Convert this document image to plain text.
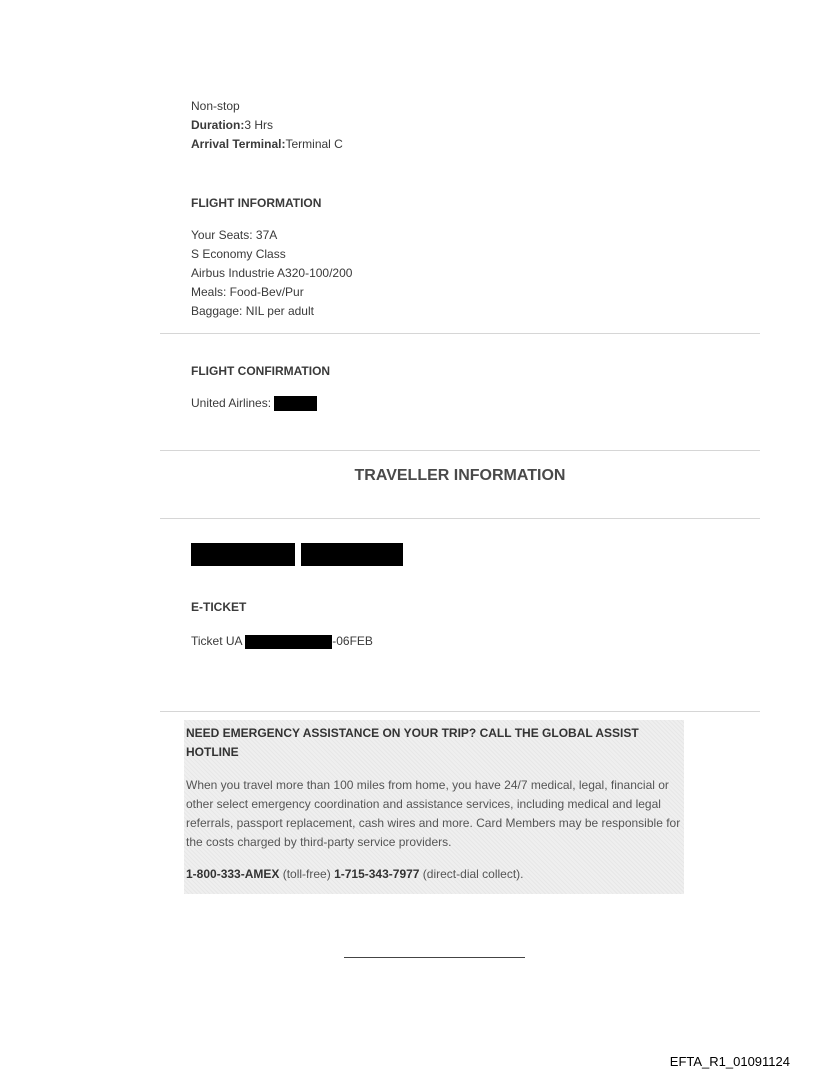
Non-stop
Duration:3 Hrs
Arrival Terminal:Terminal C
FLIGHT INFORMATION
Your Seats: 37A
S Economy Class
Airbus Industrie A320-100/200
Meals: Food-Bev/Pur
Baggage: NIL per adult
FLIGHT CONFIRMATION
United Airlines:
TRAVELLER INFORMATION
E-TICKET
Ticket UA	-06FEB
NEED EMERGENCY ASSISTANCE ON YOUR TRIP? CALL THE GLOBAL ASSIST HOTLINE
When you travel more than 100 miles from home, you have 24/7 medical, legal, financial or other select emergency coordination and assistance services, including medical and legal referrals, passport replacement, cash wires and more. Card Members may be responsible for the costs charged by third-party service providers.
1-800-333-AMEX (toll-free) 1-715-343-7977 (direct-dial collect).
EFTA_R1_01091124
